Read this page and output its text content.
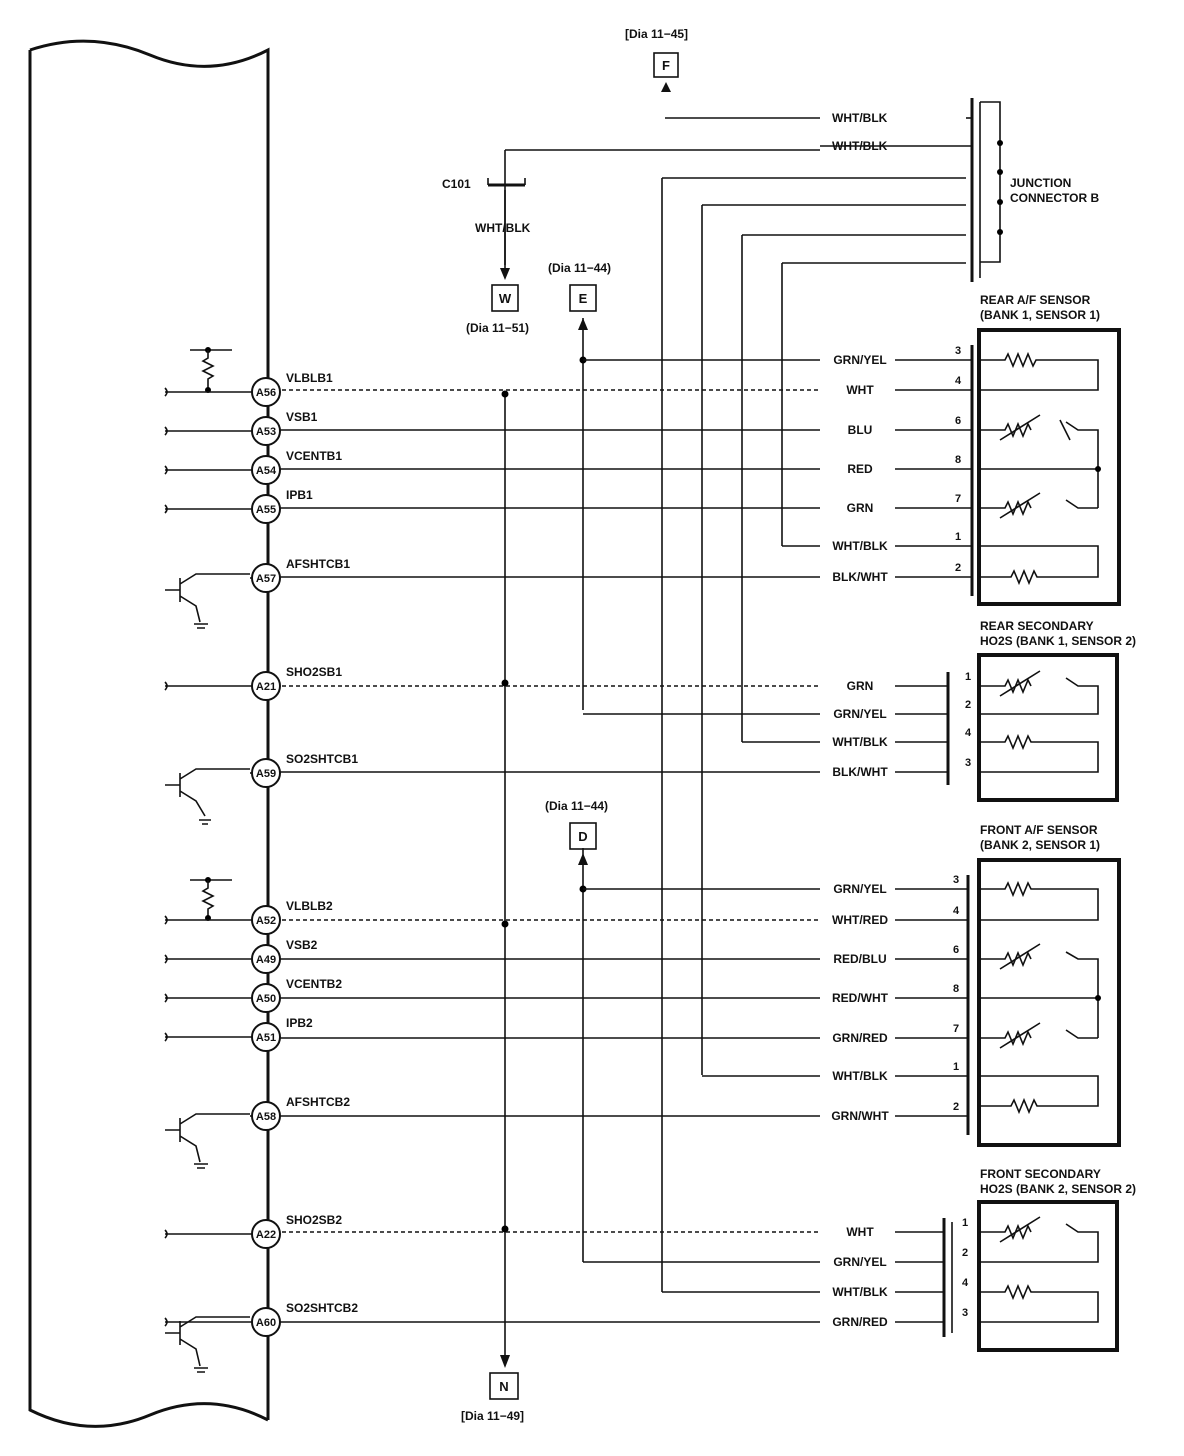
C101
WHT/BLK
JUNCTION
CONNECTOR B
WHT/BLK
WHT/BLK
F
[Dia 11−45]
W
(Dia 11−51)
E
(Dia 11−44)
D
(Dia 11−44)
N
[Dia 11−49]
REAR A/F SENSOR
(BANK 1, SENSOR 1)
REAR SECONDARY
HO2S (BANK 1, SENSOR 2)
FRONT A/F SENSOR
(BANK 2, SENSOR 1)
FRONT SECONDARY
HO2S (BANK 2, SENSOR 2)
GRN/YEL
3
WHT
4
BLU
6
RED
8
GRN
7
WHT/BLK
1
BLK/WHT
2
GRN
1
GRN/YEL
2
WHT/BLK
4
BLK/WHT
3
GRN/YEL
3
WHT/RED
4
RED/BLU
6
RED/WHT
8
GRN/RED
7
WHT/BLK
1
GRN/WHT
2
WHT
1
GRN/YEL
2
WHT/BLK
4
GRN/RED
3
A56
VLBLB1
A53
VSB1
A54
VCENTB1
A55
IPB1
A57
AFSHTCB1
A21
SHO2SB1
A59
SO2SHTCB1
A52
VLBLB2
A49
VSB2
A50
VCENTB2
A51
IPB2
A58
AFSHTCB2
A22
SHO2SB2
A60
SO2SHTCB2
